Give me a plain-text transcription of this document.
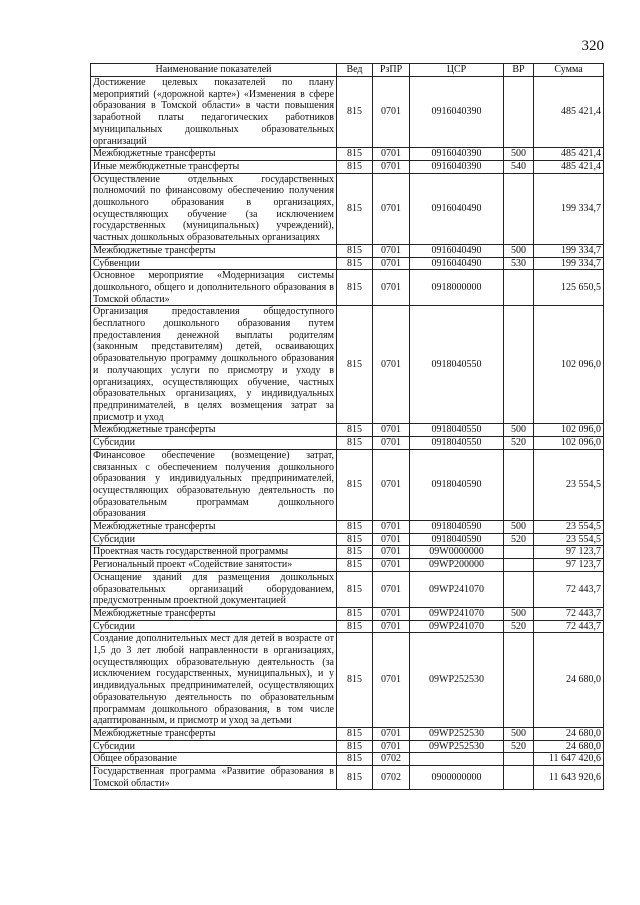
320
Наименование показателей	Вед	РзПР	ЦСР	ВР	Сумма
Достижение целевых показателей по плану мероприятий («дорожной карте») «Изменения в сфере образования в Томской области» в части повышения заработной платы педагогических работников муниципальных дошкольных образовательных организаций	815	0701	0916040390		485 421,4
Межбюджетные трансферты	815	0701	0916040390	500	485 421,4
Иные межбюджетные трансферты	815	0701	0916040390	540	485 421,4
Осуществление отдельных государственных полномочий по финансовому обеспечению получения дошкольного образования в организациях, осуществляющих обучение (за исключением государственных (муниципальных) учреждений), частных дошкольных образовательных организациях	815	0701	0916040490		199 334,7
Межбюджетные трансферты	815	0701	0916040490	500	199 334,7
Субвенции	815	0701	0916040490	530	199 334,7
Основное мероприятие «Модернизация системы дошкольного, общего и дополнительного образования в Томской области»	815	0701	0918000000		125 650,5
Организация предоставления общедоступного бесплатного дошкольного образования путем предоставления денежной выплаты родителям (законным представителям) детей, осваивающих образовательную программу дошкольного образования и получающих услуги по присмотру и уходу в организациях, осуществляющих обучение, частных образовательных организациях, у индивидуальных предпринимателей, в целях возмещения затрат за присмотр и уход	815	0701	0918040550		102 096,0
Межбюджетные трансферты	815	0701	0918040550	500	102 096,0
Субсидии	815	0701	0918040550	520	102 096,0
Финансовое обеспечение (возмещение) затрат, связанных с обеспечением получения дошкольного образования у индивидуальных предпринимателей, осуществляющих образовательную деятельность по образовательным программам дошкольного образования	815	0701	0918040590		23 554,5
Межбюджетные трансферты	815	0701	0918040590	500	23 554,5
Субсидии	815	0701	0918040590	520	23 554,5
Проектная часть государственной программы	815	0701	09W0000000		97 123,7
Региональный проект «Содействие занятости»	815	0701	09WP200000		97 123,7
Оснащение зданий для размещения дошкольных образовательных организаций оборудованием, предусмотренным проектной документацией	815	0701	09WP241070		72 443,7
Межбюджетные трансферты	815	0701	09WP241070	500	72 443,7
Субсидии	815	0701	09WP241070	520	72 443,7
Создание дополнительных мест для детей в возрасте от 1,5 до 3 лет любой направленности в организациях, осуществляющих образовательную деятельность (за исключением государственных, муниципальных), и у индивидуальных предпринимателей, осуществляющих образовательную деятельность по образовательным программам дошкольного образования, в том числе адаптированным, и присмотр и уход за детьми	815	0701	09WP252530		24 680,0
Межбюджетные трансферты	815	0701	09WP252530	500	24 680,0
Субсидии	815	0701	09WP252530	520	24 680,0
Общее образование	815	0702			11 647 420,6
Государственная программа «Развитие образования в Томской области»	815	0702	0900000000		11 643 920,6
